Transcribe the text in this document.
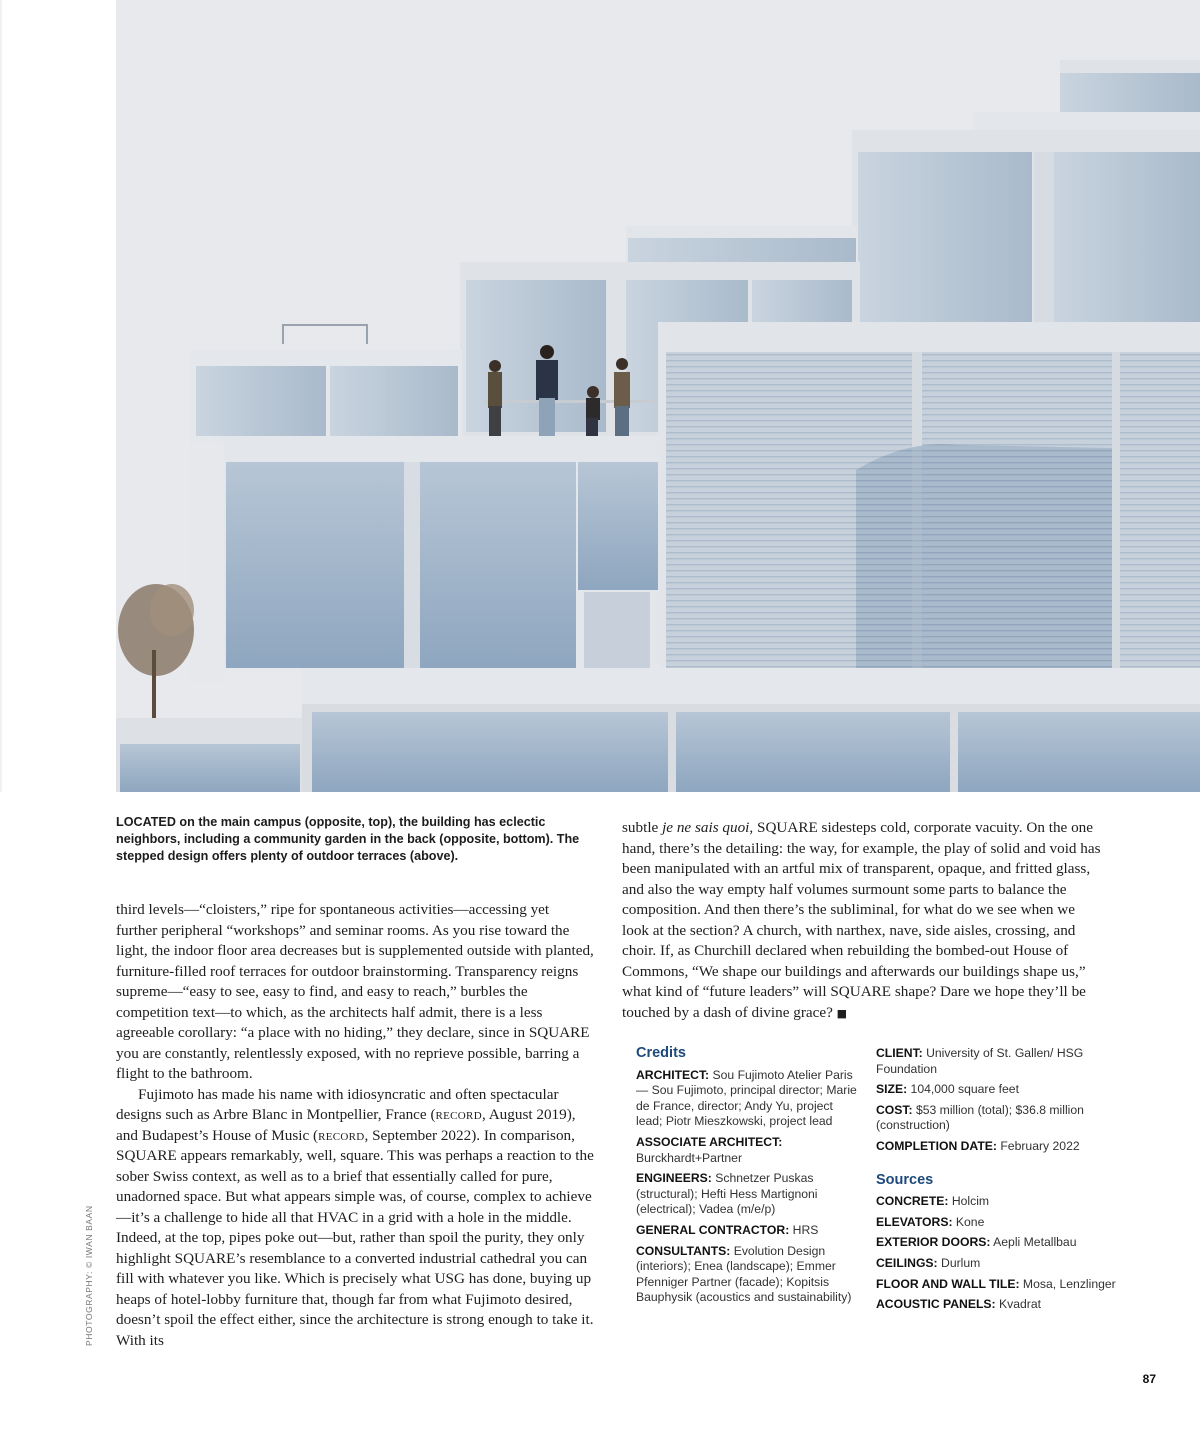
LOCATED on the main campus (opposite, top), the building has eclectic neighbors, including a community garden in the back (opposite, bottom). The stepped design offers plenty of outdoor terraces (above).

third levels—“cloisters,” ripe for spontaneous activities—accessing yet further peripheral “workshops” and seminar rooms. As you rise toward the light, the indoor floor area decreases but is supplemented outside with planted, furniture-filled roof terraces for outdoor brainstorming. Transparency reigns supreme—“easy to see, easy to find, and easy to reach,” burbles the competition text—to which, as the architects half admit, there is a less agreeable corollary: “a place with no hiding,” they declare, since in SQUARE you are constantly, relentlessly exposed, with no reprieve possible, barring a flight to the bathroom.

Fujimoto has made his name with idiosyncratic and often spectacular designs such as Arbre Blanc in Montpellier, France (record, August 2019), and Budapest’s House of Music (record, September 2022). In comparison, SQUARE appears remarkably, well, square. This was perhaps a reaction to the sober Swiss context, as well as to a brief that essentially called for pure, unadorned space. But what appears simple was, of course, complex to achieve—it’s a challenge to hide all that HVAC in a grid with a hole in the middle. Indeed, at the top, pipes poke out—but, rather than spoil the purity, they only highlight SQUARE’s resemblance to a converted industrial cathedral you can fill with whatever you like. Which is precisely what USG has done, buying up heaps of hotel-lobby furniture that, though far from what Fujimoto desired, doesn’t spoil the effect either, since the architecture is strong enough to take it. With its

subtle je ne sais quoi, SQUARE sidesteps cold, corporate vacuity. On the one hand, there’s the detailing: the way, for example, the play of solid and void has been manipulated with an artful mix of transparent, opaque, and fritted glass, and also the way empty half volumes surmount some parts to balance the composition. And then there’s the subliminal, for what do we see when we look at the section? A church, with narthex, nave, side aisles, crossing, and choir. If, as Churchill declared when rebuilding the bombed-out House of Commons, “We shape our buildings and afterwards our buildings shape us,” what kind of “future leaders” will SQUARE shape? Dare we hope they’ll be touched by a dash of divine grace? ■

Credits
ARCHITECT: Sou Fujimoto Atelier Paris — Sou Fujimoto, principal director; Marie de France, director; Andy Yu, project lead; Piotr Mieszkowski, project lead
ASSOCIATE ARCHITECT: Burckhardt+Partner
ENGINEERS: Schnetzer Puskas (structural); Hefti Hess Martignoni (electrical); Vadea (m/e/p)
GENERAL CONTRACTOR: HRS
CONSULTANTS: Evolution Design (interiors); Enea (landscape); Emmer Pfenniger Partner (facade); Kopitsis Bauphysik (acoustics and sustainability)
CLIENT: University of St. Gallen/ HSG Foundation
SIZE: 104,000 square feet
COST: $53 million (total); $36.8 million (construction)
COMPLETION DATE: February 2022
Sources
CONCRETE: Holcim
ELEVATORS: Kone
EXTERIOR DOORS: Aepli Metallbau
CEILINGS: Durlum
FLOOR AND WALL TILE: Mosa, Lenzlinger
ACOUSTIC PANELS: Kvadrat
PHOTOGRAPHY: © IWAN BAAN
87
